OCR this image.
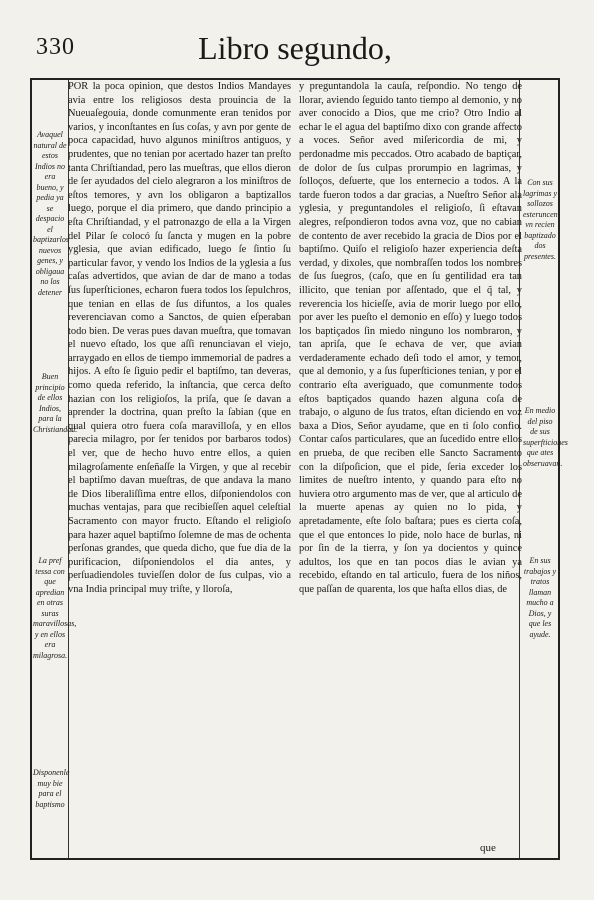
330	Libro segundo,
Avaquel natural de estos Indios no era bueno, y pedia ya se despacio el baptizarlos nuevos genes, y obligaua no los detener
Buen principio de ellos Indios, para la Christiandad.
La pref tessa con que apredian en otras suras maravillosas, y en ellos era milagrosa.
Disponenle muy bie para el baptismo
Con sus lagrimas y sollozos esteruncen vn recien baptizado dos presentes.
En medio del piso de sus superfticiones que ates obseruavan.
En sus trabajos y tratos llaman mucho a Dios, y que les ayude.

POR la poca opinion, que destos Indios Mandayes avia entre los religiosos desta prouincia de la Nueuaſegouia, donde comunmente eran tenidos por varios, y inconſtantes en ſus coſas, y avn por gente de poca capacidad, huvo algunos miniſtros antiguos, y prudentes, que no tenian por acertado hazer tan preſto tanta Chriſtiandad, pero las mueſtras, que ellos dieron de ſer ayudados del cielo alegraron a los miniſtros de eſtos temores, y avn los obligaron a baptizallos luego, porque el dia primero, que dando principio a eſta Chriſtiandad, y el patronazgo de ella a la Virgen del Pilar ſe colocó ſu ſancta y mugen en la pobre yglesia, que avian edificado, luego ſe ſintio ſu particular favor, y vendo los Indios de la yglesia a ſus caſas advertidos, que avian de dar de mano a todas ſus ſuperſticiones, echaron fuera todos los ſepulchros, que tenian en ellas de ſus difuntos, a los quales reverenciavan como a Sanctos, de quien eſperaban todo bien. De veras pues davan mueſtra, que tomavan el nuevo eſtado, los que aſſi renunciavan el viejo, arraygado en ellos de tiempo immemorial de padres a hijos. A eſto ſe ſiguio pedir el baptiſmo, tan deveras, como queda referido, la inſtancia, que cerca deſto hazian con los religioſos, la priſa, que ſe davan a aprender la doctrina, quan preſto la ſabian (que en qual quiera otro fuera coſa maravilloſa, y en ellos parecia milagro, por ſer tenidos por barbaros todos) el ver, que de hecho huvo entre ellos, a quien milagroſamente enſeñaſſe la Virgen, y que al recebir el baptiſmo davan mueſtras, de que andava la mano de Dios liberaliſſima entre ellos, diſponiendolos con muchas ventajas, para que recibieſſen aquel celeſtial Sacramento con mayor fructo. Eſtando el religioſo para hazer aquel baptiſmo ſolemne de mas de ochenta perſonas grandes, que queda dicho, que fue dia de la purificacion, diſponiendolos el dia antes, y perſuadiendoles tuvieſſen dolor de ſus culpas, vio a vna India principal muy triſte, y lloroſa,

y preguntandola la cauſa, reſpondio. No tengo de llorar, aviendo ſeguido tanto tiempo al demonio, y no aver conocido a Dios, que me crio? Otro Indio al echar le el agua del baptiſmo dixo con grande affecto a voces. Señor aved miſericordia de mi, y perdonadme mis peccados. Otro acabado de baptiçar, de dolor de ſus culpas prorumpio en lagrimas, y ſolloços, deſuerte, que los enternecio a todos. A la tarde fueron todos a dar gracias, a Nueſtro Señor ala yglesia, y preguntandoles el religioſo, ſi eſtavan alegres, reſpondieron todos avna voz, que no cabian de contento de aver recebido la gracia de Dios por el baptiſmo. Quiſo el religioſo hazer experiencia deſta verdad, y dixoles, que nombraſſen todos los nombres de ſus ſuegros, (caſo, que en ſu gentilidad era tan illicito, que tenian por aſſentado, que el q̃ tal, y reverencia los hicieſſe, avia de morir luego por ello, por aver les pueſto el demonio en eſſo) y luego todos los baptiçados ſin miedo ninguno los nombraron, y tan apriſa, que ſe echava de ver, que avian verdaderamente echado deſi todo el amor, y temor, que al demonio, y a ſus ſuperſticiones tenian, y por el contrario eſta averiguado, que comunmente todos eſtos baptiçados quando hazen alguna coſa de trabajo, o alguno de ſus tratos, eſtan diciendo en voz baxa a Dios, Señor ayudame, que en ti ſolo confio. Contar caſos particulares, que an ſucedido entre ellos en prueba, de que reciben elle Sancto Sacramento con la diſpoſicion, que el pide, ſeria exceder los limites de nueſtro intento, y quando para eſto no huviera otro argumento mas de ver, que al articulo de la muerte apenas ay quien no lo pida, y apretadamente, eſte ſolo baſtara; pues es cierta coſa, que el que entonces lo pide, nolo hace de burlas, ni por ſin de la tierra, y ſon ya docientos y quince adultos, los que en tan pocos dias le avian ya recebido, eſtando en tal articulo, fuera de los niños, que paſſan de quarenta, los que haſta ellos dias, de

que
